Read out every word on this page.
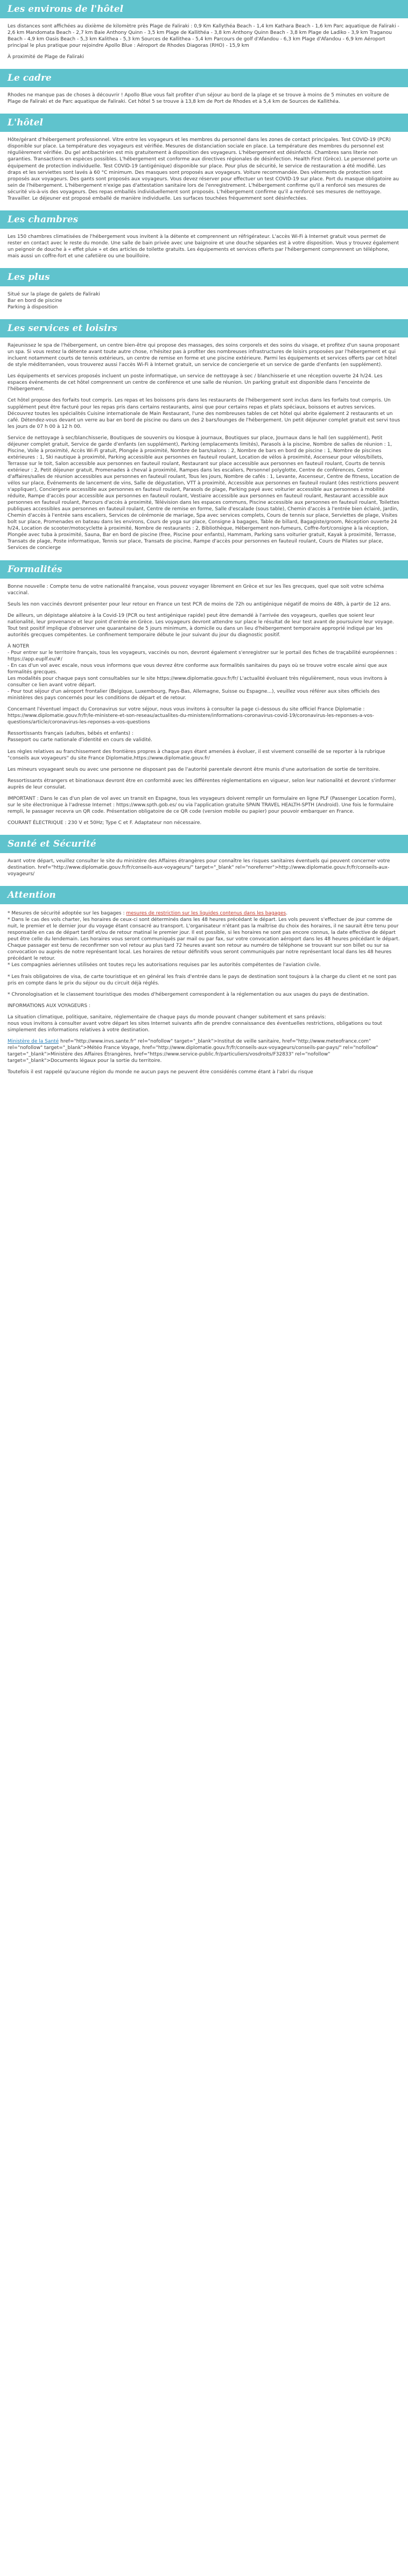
Les environs de l'hôtel

Les distances sont affichées au dixième de kilomètre près Plage de Faliraki : 0,9 Km Kallythéa Beach - 1,4 km Kathara Beach - 1,6 km Parc aquatique de Faliraki - 2,6 km Mandomata Beach - 2,7 km Baie Anthony Quinn - 3,5 km Plage de Kallithéa - 3,8 km Anthony Quinn Beach - 3,8 km Plage de Ladiko - 3,9 km Traganou Beach - 4,9 km Oasis Beach - 5,3 km Kalithea - 5,3 km Sources de Kallithea - 5,4 km Parcours de golf d'Afandou - 6,3 km Plage d'Afandou - 6,9 km Aéroport principal le plus pratique pour rejoindre Apollo Blue : Aéroport de Rhodes Diagoras (RHO) - 15,9 km

À proximité de Plage de Faliraki

Le cadre

Rhodes ne manque pas de choses à découvrir ! Apollo Blue vous fait profiter d'un séjour au bord de la plage et se trouve à moins de 5 minutes en voiture de Plage de Faliraki et de Parc aquatique de Faliraki. Cet hôtel 5 se trouve à 13,8 km de Port de Rhodes et à 5,4 km de Sources de Kallithéa.

L'hôtel

Hôte/gérant d'hébergement professionnel. Vitre entre les voyageurs et les membres du personnel dans les zones de contact principales. Test COVID-19 (PCR) disponible sur place. La température des voyageurs est vérifiée. Mesures de distanciation sociale en place. La température des membres du personnel est régulièrement vérifiée. Du gel antibactérien est mis gratuitement à disposition des voyageurs. L'hébergement est désinfecté. Chambres sans literie non garanties. Transactions en espèces possibles. L'hébergement est conforme aux directives régionales de désinfection. Health First (Grèce). Le personnel porte un équipement de protection individuelle. Test COVID-19 (antigénique) disponible sur place. Pour plus de sécurité, le service de restauration a été modifié. Les draps et les serviettes sont lavés à 60 °C minimum. Des masques sont proposés aux voyageurs. Voiture recommandée. Des vêtements de protection sont proposés aux voyageurs. Des gants sont proposés aux voyageurs. Vous devez réserver pour effectuer un test COVID-19 sur place. Port du masque obligatoire au sein de l'hébergement. L'hébergement n'exige pas d'attestation sanitaire lors de l'enregistrement. L'hébergement confirme qu'il a renforcé ses mesures de sécurité vis-à-vis des voyageurs. Des repas emballés individuellement sont proposés. L'hébergement confirme qu'il a renforcé ses mesures de nettoyage. Travailler. Le déjeuner est proposé emballé de manière individuelle. Les surfaces touchées fréquemment sont désinfectées.

Les chambres

Les 150 chambres climatisées de l'hébergement vous invitent à la détente et comprennent un réfrigérateur. L'accès Wi-Fi à Internet gratuit vous permet de rester en contact avec le reste du monde. Une salle de bain privée avec une baignoire et une douche séparées est à votre disposition. Vous y trouvez également un peignoir de douche à « effet pluie » et des articles de toilette gratuits. Les équipements et services offerts par l'hébergement comprennent un téléphone, mais aussi un coffre-fort et une cafetière ou une bouilloire.

Les plus

Situé sur la plage de galets de Faliraki
Bar en bord de piscine
Parking à disposition

Les services et loisirs

Rajeunissez le spa de l'hébergement, un centre bien-être qui propose des massages, des soins corporels et des soins du visage, et profitez d'un sauna proposant un spa. Si vous restez la détente avant toute autre chose, n'hésitez pas à profiter des nombreuses infrastructures de loisirs proposées par l'hébergement et qui incluent notamment courts de tennis extérieurs, un centre de remise en forme et une piscine extérieure. Parmi les équipements et services offerts par cet hôtel de style méditerranéen, vous trouverez aussi l'accès Wi-Fi à Internet gratuit, un service de conciergerie et un service de garde d'enfants (en supplément).

Les équipements et services proposés incluent un poste informatique, un service de nettoyage à sec / blanchisserie et une réception ouverte 24 h/24. Les espaces événements de cet hôtel comprennent un centre de conférence et une salle de réunion. Un parking gratuit est disponible dans l'enceinte de l'hébergement.

Cet hôtel propose des forfaits tout compris. Les repas et les boissons pris dans les restaurants de l'hébergement sont inclus dans les forfaits tout compris. Un supplément peut être facturé pour les repas pris dans certains restaurants, ainsi que pour certains repas et plats spéciaux, boissons et autres services. Découvrez toutes les spécialités Cuisine internationale de Main Restaurant, l'une des nombreuses tables de cet hôtel qui abrite également 2 restaurants et un café. Détendez-vous devant un verre au bar en bord de piscine ou dans un des 2 bars/lounges de l'hébergement. Un petit déjeuner complet gratuit est servi tous les jours de 07 h 00 à 12 h 00.

Service de nettoyage à sec/blanchisserie, Boutiques de souvenirs ou kiosque à journaux, Boutiques sur place, Journaux dans le hall (en supplément), Petit déjeuner complet gratuit, Service de garde d'enfants (en supplément), Parking (emplacements limités), Parasols à la piscine, Nombre de salles de réunion : 1, Piscine, Voile à proximité, Accès Wi-Fi gratuit, Plongée à proximité, Nombre de bars/salons : 2, Nombre de bars en bord de piscine : 1, Nombre de piscines extérieures : 1, Ski nautique à proximité, Parking accessible aux personnes en fauteuil roulant, Location de vélos à proximité, Ascenseur pour vélos/billets, Terrasse sur le toit, Salon accessible aux personnes en fauteuil roulant, Restaurant sur place accessible aux personnes en fauteuil roulant, Courts de tennis extérieur : 2, Petit déjeuner gratuit, Promenades à cheval à proximité, Rampes dans les escaliers, Personnel polyglotte, Centre de conférences, Centre d'affaires/salles de réunion accessibles aux personnes en fauteuil roulant, Tous les jours, Nombre de cafés : 1, Levante, Ascenseur, Centre de fitness, Location de vélos sur place, Événements de lancement de vins, Salle de dégustation, VTT à proximité, Accessible aux personnes en fauteuil roulant (des restrictions peuvent s'appliquer), Conciergerie accessible aux personnes en fauteuil roulant, Parasols de plage, Parking payé avec voiturier accessible aux personnes à mobilité réduite, Rampe d'accès pour accessible aux personnes en fauteuil roulant, Vestiaire accessible aux personnes en fauteuil roulant, Restaurant accessible aux personnes en fauteuil roulant, Parcours d'accès à proximité, Télévision dans les espaces communs, Piscine accessible aux personnes en fauteuil roulant, Toilettes publiques accessibles aux personnes en fauteuil roulant, Centre de remise en forme, Salle d'escalade (sous table), Chemin d'accès à l'entrée bien éclairé, Jardin, Chemin d'accès à l'entrée sans escaliers, Services de cérémonie de mariage, Spa avec services complets, Cours de tennis sur place, Serviettes de plage, Visites bolt sur place, Promenades en bateau dans les environs, Cours de yoga sur place, Consigne à bagages, Table de billard, Bagagiste/groom, Réception ouverte 24 h/24, Location de scooter/motocyclette à proximité, Nombre de restaurants : 2, Bibliothèque, Hébergement non-fumeurs, Coffre-fort/consigne à la réception, Plongée avec tuba à proximité, Sauna, Bar en bord de piscine (free, Piscine pour enfants), Hammam, Parking sans voiturier gratuit, Kayak à proximité, Terrasse, Transats de plage, Poste informatique, Tennis sur place, Transats de piscine, Rampe d'accès pour personnes en fauteuil roulant, Cours de Pilates sur place, Services de concierge

Formalités

Bonne nouvelle : Compte tenu de votre nationalité française, vous pouvez voyager librement en Grèce et sur les îles grecques, quel que soit votre schéma vaccinal.

Seuls les non vaccinés devront présenter pour leur retour en France un test PCR de moins de 72h ou antigénique négatif de moins de 48h, à partir de 12 ans.

De ailleurs, un dépistage aléatoire à la Covid-19 (PCR ou test antigénique rapide) peut être demandé à l'arrivée des voyageurs, quelles que soient leur nationalité, leur provenance et leur point d'entrée en Grèce. Les voyageurs devront attendre sur place le résultat de leur test avant de poursuivre leur voyage. Tout test positif implique d'observer une quarantaine de 5 jours minimum, à domicile ou dans un lieu d'hébergement temporaire approprié indiqué par les autorités grecques compétentes. Le confinement temporaire débute le jour suivant du jour du diagnostic positif.

À NOTER
- Pour entrer sur le territoire français, tous les voyageurs, vaccinés ou non, devront également s'enregistrer sur le portail des fiches de traçabilité européennes : https://app.euplf.eu/#/
- En cas d'un vol avec escale, nous vous informons que vous devrez être conforme aux formalités sanitaires du pays où se trouve votre escale ainsi que aux formalités grecques.
Les modalités pour chaque pays sont consultables sur le site https://www.diplomatie.gouv.fr/fr/ L'actualité évoluant très régulièrement, nous vous invitons à consulter ce lien avant votre départ.
- Pour tout séjour d'un aéroport frontalier (Belgique, Luxembourg, Pays-Bas, Allemagne, Suisse ou Espagne...), veuillez vous référer aux sites officiels des ministères des pays concernés pour les conditions de départ et de retour.

Concernant l'éventuel impact du Coronavirus sur votre séjour, nous vous invitons à consulter la page ci-dessous du site officiel France Diplomatie :
https://www.diplomatie.gouv.fr/fr/le-ministere-et-son-reseau/actualites-du-ministere/informations-coronavirus-covid-19/coronavirus-les-reponses-a-vos-questions/article/coronavirus-les-reponses-a-vos-questions

Ressortissants français (adultes, bébés et enfants) :
Passeport ou carte nationale d'identité en cours de validité.

Les règles relatives au franchissement des frontières propres à chaque pays étant amenées à évoluer, il est vivement conseillé de se reporter à la rubrique "conseils aux voyageurs" du site France Diplomatie,https://www.diplomatie.gouv.fr/

Les mineurs voyageant seuls ou avec une personne ne disposant pas de l'autorité parentale devront être munis d'une autorisation de sortie de territoire.

Ressortissants étrangers et binationaux devront être en conformité avec les différentes réglementations en vigueur, selon leur nationalité et devront s'informer auprès de leur consulat.

IMPORTANT : Dans le cas d'un plan de vol avec un transit en Espagne, tous les voyageurs doivent remplir un formulaire en ligne PLF (Passenger Location Form), sur le site électronique à l'adresse Internet : https://www.spth.gob.es/ ou via l'application gratuite SPAIN TRAVEL HEALTH-SPTH (Android). Une fois le formulaire rempli, le passager recevra un QR code. Présentation obligatoire de ce QR code (version mobile ou papier) pour pouvoir embarquer en France.

COURANT ÉLECTRIQUE : 230 V et 50Hz; Type C et F. Adaptateur non nécessaire.

Santé et Sécurité

Avant votre départ, veuillez consulter le site du ministère des Affaires étrangères pour connaître les risques sanitaires éventuels qui peuvent concerner votre destination. href="http://www.diplomatie.gouv.fr/fr/conseils-aux-voyageurs/" target="_blank" rel="noreferrer">http://www.diplomatie.gouv.fr/fr/conseils-aux-voyageurs/

Attention

* Mesures de sécurité adoptée sur les bagages : mesures de restriction sur les liquides contenus dans les bagages.
* Dans le cas des vols charter, les horaires de ceux-ci sont déterminés dans les 48 heures précédant le départ. Les vols peuvent s'effectuer de jour comme de nuit, le premier et le dernier jour du voyage étant consacré au transport. L'organisateur n'étant pas la maîtrise du choix des horaires, il ne saurait être tenu pour responsable en cas de départ tardif et/ou de retour matinal le premier jour. Il est possible, si les horaires ne sont pas encore connus, la date effective de départ peut être celle du lendemain. Les horaires vous seront communiqués par mail ou par fax, sur votre convocation aéroport dans les 48 heures précédant le départ. Chaque passager est tenu de reconfirmer son vol retour au plus tard 72 heures avant son retour au numéro de téléphone se trouvant sur son billet ou sur sa convocation ou auprès de notre représentant local. Les horaires de retour définitifs vous seront communiqués par notre représentant local dans les 48 heures précédant le retour.
* Les compagnies aériennes utilisées ont toutes reçu les autorisations requises par les autorités compétentes de l'aviation civile.

* Les frais obligatoires de visa, de carte touristique et en général les frais d'entrée dans le pays de destination sont toujours à la charge du client et ne sont pas pris en compte dans le prix du séjour ou du circuit déjà réglés.

* Chronologisation et le classement touristique des modes d'hébergement correspondent à la réglementation ou aux usages du pays de destination.

INFORMATIONS AUX VOYAGEURS :

La situation climatique, politique, sanitaire, réglementaire de chaque pays du monde pouvant changer subitement et sans préavis:
nous vous invitons à consulter avant votre départ les sites Internet suivants afin de prendre connaissance des éventuelles restrictions, obligations ou tout simplement des informations relatives à votre destination.

Ministère de la Santé href="http://www.invs.sante.fr" rel="nofollow" target="_blank">Institut de veille sanitaire, href="http://www.meteofrance.com" rel="nofollow" target="_blank">Météo France Voyage, href="http://www.diplomatie.gouv.fr/fr/conseils-aux-voyageurs/conseils-par-pays/" rel="nofollow" target="_blank">Ministère des Affaires Étrangères, href="https://www.service-public.fr/particuliers/vosdroits/F32833" rel="nofollow" target="_blank">Documents légaux pour la sortie du territoire.

Toutefois il est rappelé qu'aucune région du monde ne aucun pays ne peuvent être considérés comme étant à l'abri du risque
